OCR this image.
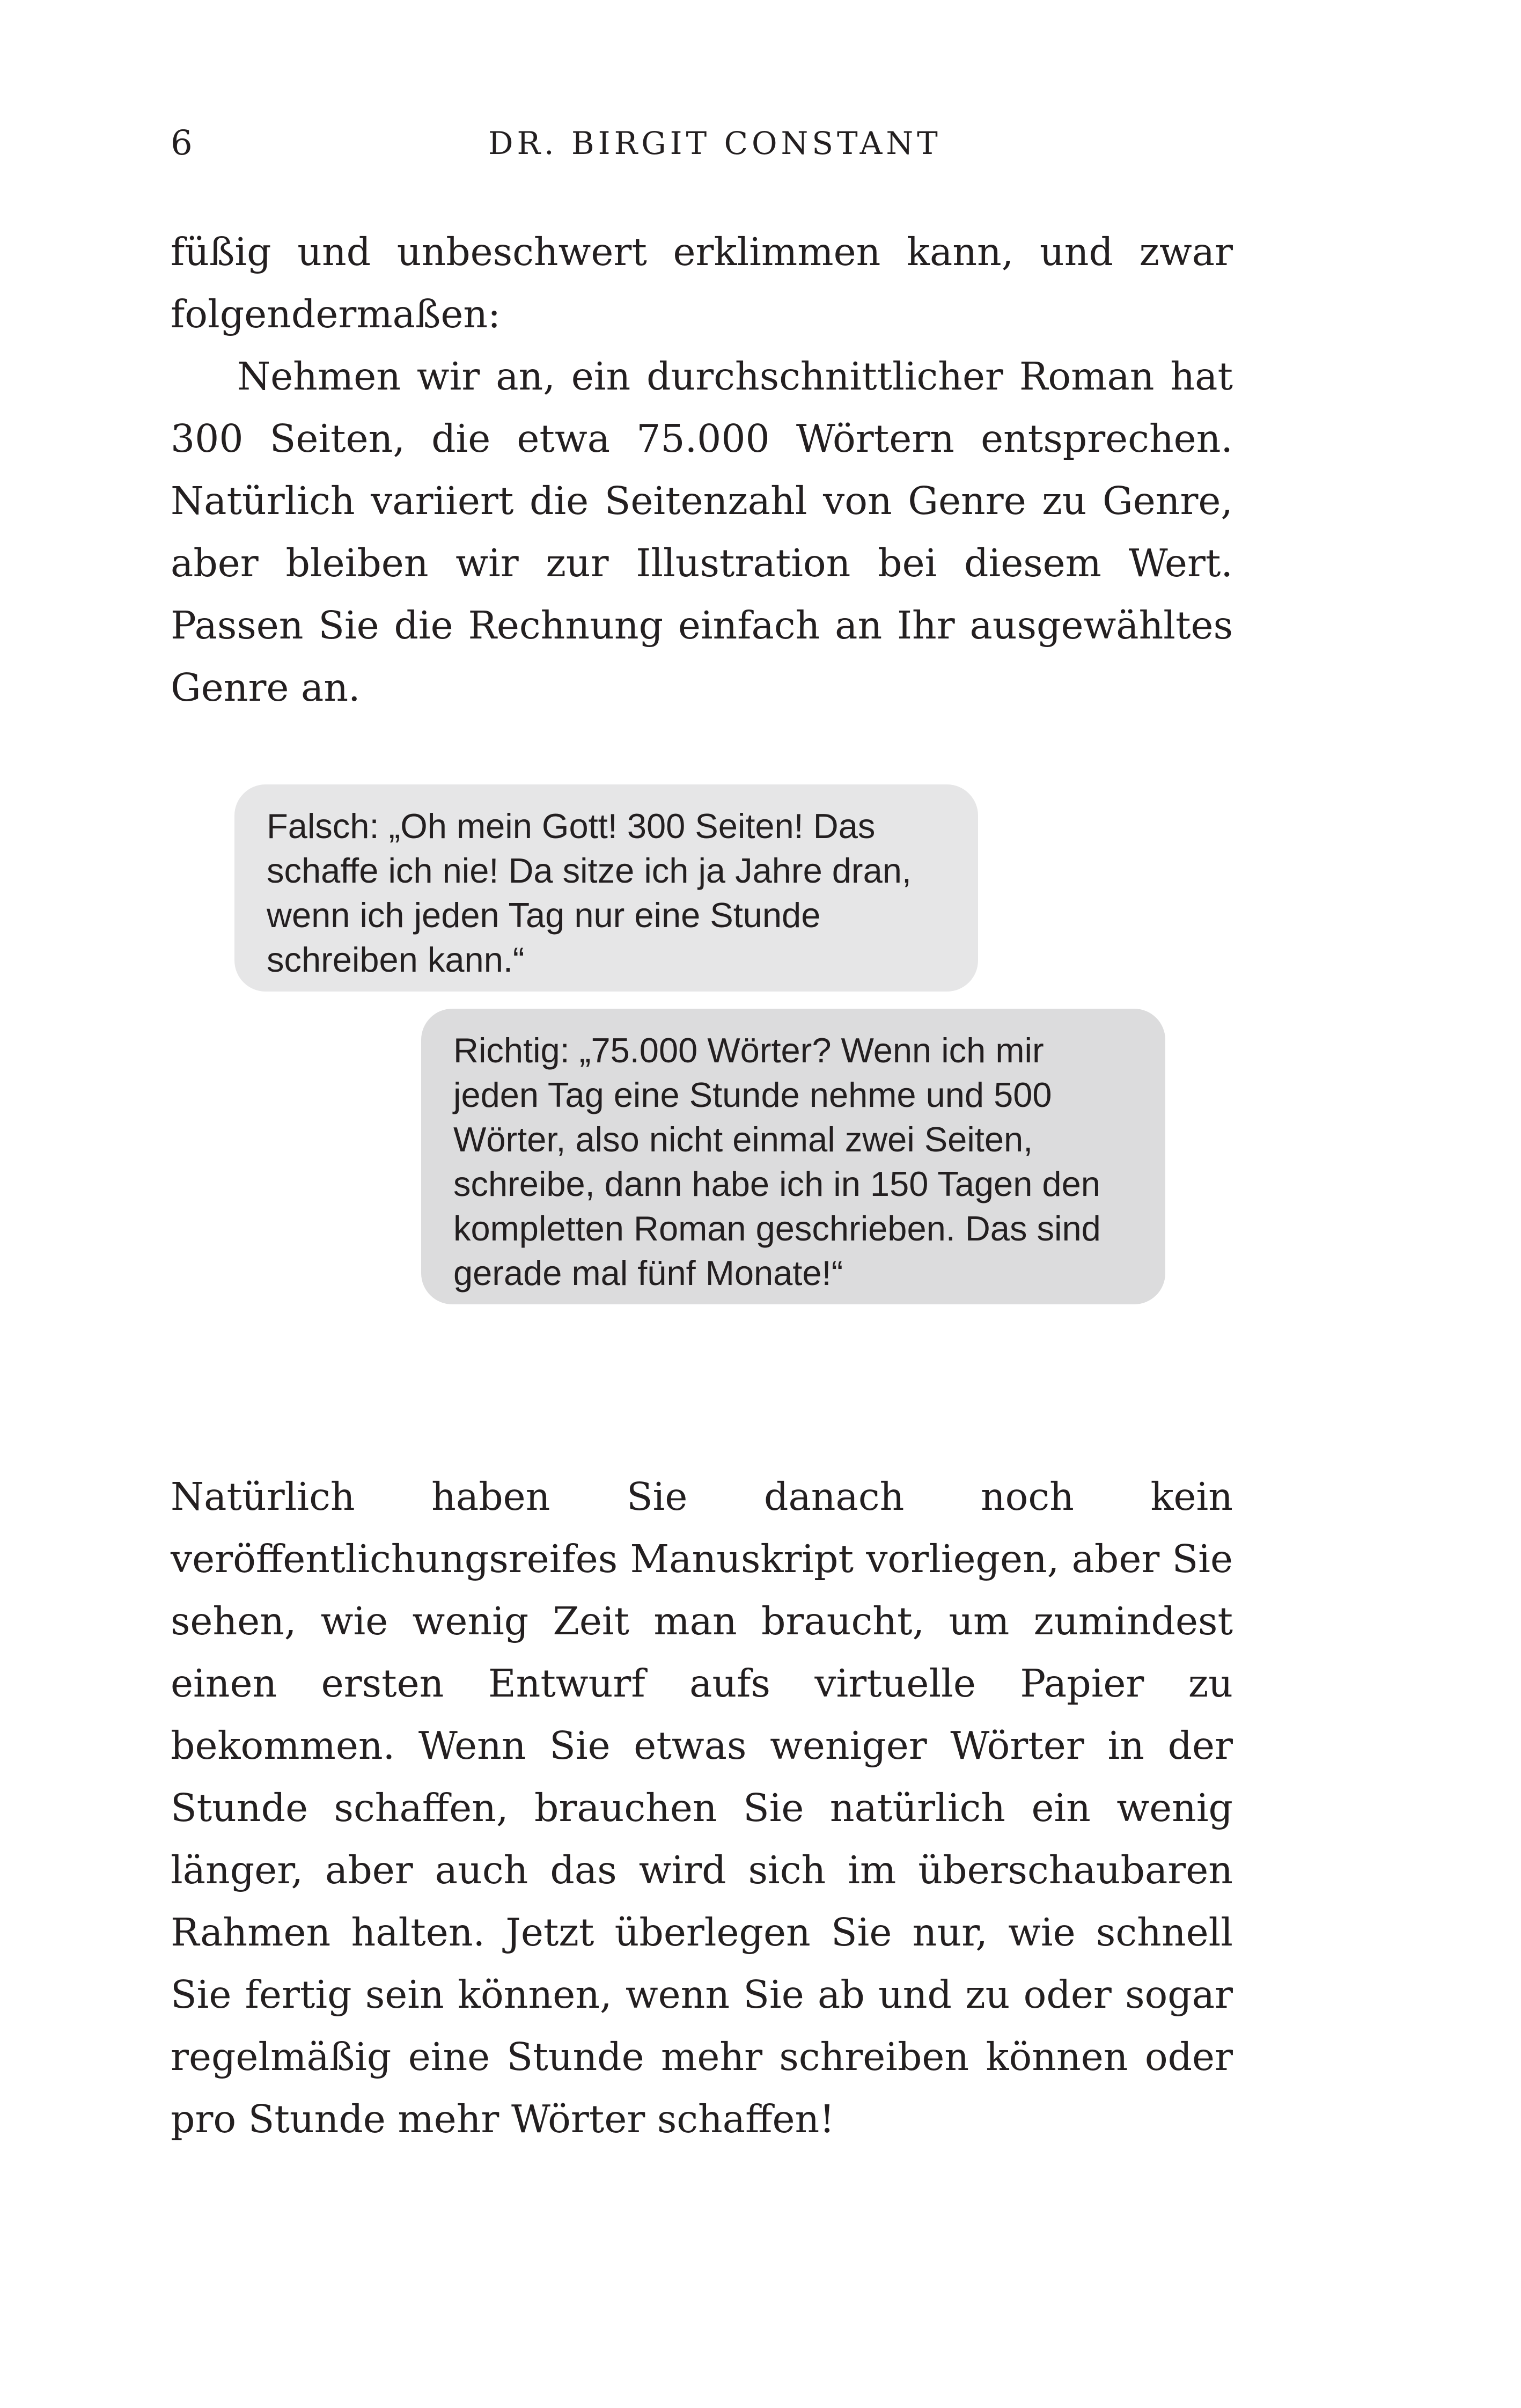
6	DR. BIRGIT CONSTANT

füßig und unbeschwert erklimmen kann, und zwar folgendermaßen:

Nehmen wir an, ein durchschnittlicher Roman hat 300 Seiten, die etwa 75.000 Wörtern entsprechen. Natürlich variiert die Seitenzahl von Genre zu Genre, aber bleiben wir zur Illustration bei diesem Wert. Passen Sie die Rechnung einfach an Ihr ausgewähltes Genre an.

Falsch: „Oh mein Gott! 300 Seiten! Das
schaffe ich nie! Da sitze ich ja Jahre dran,
wenn ich jeden Tag nur eine Stunde
schreiben kann.“
Richtig: „75.000 Wörter? Wenn ich mir
jeden Tag eine Stunde nehme und 500
Wörter, also nicht einmal zwei Seiten,
schreibe, dann habe ich in 150 Tagen den
kompletten Roman geschrieben. Das sind
gerade mal fünf Monate!“

Natürlich haben Sie danach noch kein veröffentlichungsreifes Manuskript vorliegen, aber Sie sehen, wie wenig Zeit man braucht, um zumindest einen ersten Entwurf aufs virtuelle Papier zu bekommen. Wenn Sie etwas weniger Wörter in der Stunde schaffen, brauchen Sie natürlich ein wenig länger, aber auch das wird sich im überschaubaren Rahmen halten. Jetzt überlegen Sie nur, wie schnell Sie fertig sein können, wenn Sie ab und zu oder sogar regelmäßig eine Stunde mehr schreiben können oder pro Stunde mehr Wörter schaffen!
